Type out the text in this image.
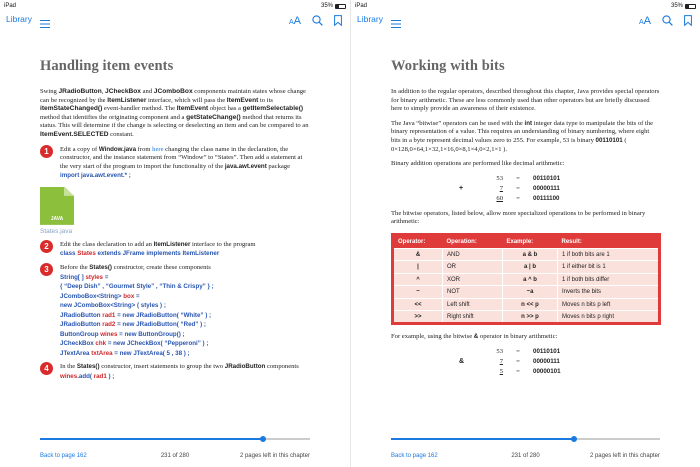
iPad	35%
Library	AA
Handling item events

Swing JRadioButton, JCheckBox and JComboBox components maintain states whose change can be recognized by the ItemListener interface, which will pass the ItemEvent to its itemStateChanged() event-handler method. The ItemEvent object has a getItemSelectable() method that identifies the originating component and a getStateChange() method that returns its status. This will determine if the change is selecting or deselecting an item and can be compared to an ItemEvent.SELECTED constant.

1	Edit a copy of Window.java from here changing the class name in the declaration, the constructor, and the instance statement from “Window” to “States”. Then add a statement at the very start of the program to import the functionality of the java.awt.event package

import java.awt.event.* ;
JAVA
States.java
2	Edit the class declaration to add an ItemListener interface to the program

class States extends JFrame implements ItemListener
3	Before the States() constructor, create these components

String[ ] styles =
{ “Deep Dish” , “Gourmet Style” , “Thin & Crispy” } ;
JComboBox<String> box =
new JComboBox<String> ( styles ) ;
JRadioButton rad1 = new JRadioButton( “White” ) ;
JRadioButton rad2 = new JRadioButton( “Red” ) ;
ButtonGroup wines = new ButtonGroup() ;
JCheckBox chk = new JCheckBox( “Pepperoni” ) ;
JTextArea txtArea = new JTextArea( 5 , 38 ) ;
4	In the States() constructor, insert statements to group the two JRadioButton components

wines.add( rad1 ) ;
Back to page 162	231 of 280	2 pages left in this chapter
iPad	35%
Library	AA
Working with bits

In addition to the regular operators, described throughout this chapter, Java provides special operators for binary arithmetic. These are less commonly used than other operators but are briefly discussed here to simply provide an awareness of their existence.

The Java “bitwise” operators can be used with the int integer data type to manipulate the bits of the binary representation of a value. This requires an understanding of binary numbering, where eight bits in a byte represent decimal values zero to 255. For example, 53 is binary 00110101 ( 0×128,0×64,1×32,1×16,0×8,1×4,0×2,1×1 ).

Binary addition operations are performed like decimal arithmetic:

53	=	00110101
+	7	=	00000111
60	=	00111100

The bitwise operators, listed below, allow more specialized operations to be performed in binary arithmetic:

Operator:	Operation:	Example:	Result:
&	AND	a & b	1 if both bits are 1
|	OR	a | b	1 if either bit is 1
^	XOR	a ^ b	1 if both bits differ
~	NOT	~a	Inverts the bits
<<	Left shift	n << p	Moves n bits p left
>>	Right shift	n >> p	Moves n bits p right

For example, using the bitwise & operator in binary arithmetic:

53	=	00110101
&	7	=	00000111
5	=	00000101
Back to page 162	231 of 280	2 pages left in this chapter
